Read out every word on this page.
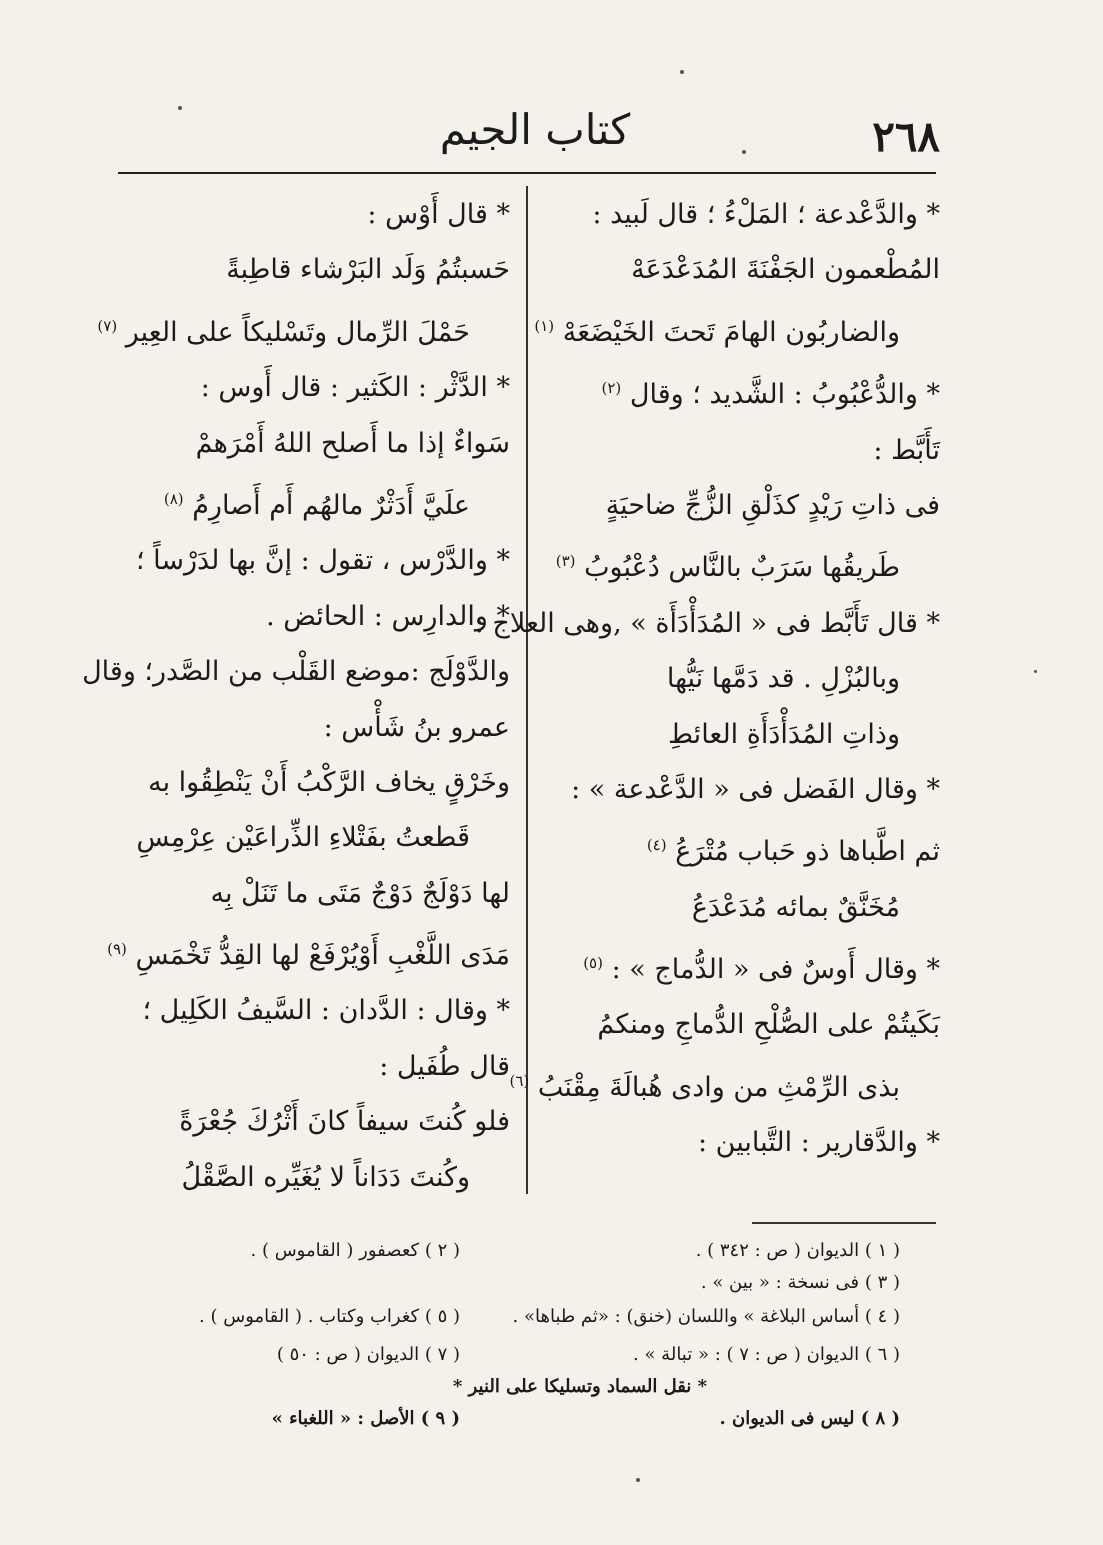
٢٦٨
كتاب الجيم
* والدَّعْدعة ؛ المَلْءُ ؛ قال لَبيد :
المُطْعمون الجَفْنَةَ المُدَعْدَعَهْ
والضاربُون الهامَ تَحتَ الخَيْضَعَهْ $^{(١)}$
* والدُّعْبُوبُ : الشَّديد ؛ وقال $^{(٢)}$
تَأَبَّط :
فى ذاتِ رَيْدٍ كذَلْقِ الزُّجِّ ضاحيَةٍ
طَريقُها سَرَبٌ بالنَّاس دُعْبُوبُ $^{(٣)}$
* قال تَأَبَّط فى « المُدَأْدَأَة » ,وهى العلاج :
وبالبُزْلِ . قد دَمَّها نَيُّها
وذاتِ المُدَأْدَأَةِ العائطِ
* وقال الفَضل فى « الدَّعْدعة » :
ثم اطَّباها ذو حَباب مُتْرَعُ $^{(٤)}$
مُخَنَّقٌ بمائه مُدَعْدَعُ
* وقال أَوسٌ فى « الدُّماج » : $^{(٥)}$
بَكَيتُمْ على الصُّلْحِ الدُّماجِ ومنكمُ
بذى الرِّمْثِ من وادى هُبالَةَ مِقْنَبُ $^{(٦)}$
* والدَّقارير : التَّبابين :
* قال أَوْس :
حَسبتُمُ وَلَد البَرْشاء قاطِبةً
حَمْلَ الرِّمال وتَسْليكاً على العِير $^{(٧)}$
* الدَّثْر : الكَثير : قال أَوس :
سَواءٌ إذا ما أَصلح اللهُ أَمْرَهمْ
علَيَّ أَدَثْرٌ مالهُم أَم أَصارِمُ $^{(٨)}$
* والدَّرْس ، تقول : إنَّ بها لدَرْساً ؛
* والدارِس : الحائض .
والدَّوْلَج :موضع القَلْب من الصَّدر؛ وقال
عمرو بنُ شَأْس :
وخَرْقٍ يخاف الرَّكْبُ أَنْ يَنْطِقُوا به
قَطعتُ بفَتْلاءِ الذِّراعَيْن عِرْمِسِ
لها دَوْلَجٌ دَوْجٌ مَتَى ما تَنَلْ بِه
مَدَى اللَّغْبِ أَوْيُرْفَعْ لها القِدُّ تَخْمَسِ $^{(٩)}$
* وقال : الدَّدان : السَّيفُ الكَلِيل ؛
قال طُفَيل :
فلو كُنتَ سيفاً كانَ أَثْرُكَ جُعْرَةً
وكُنتَ دَدَاناً لا يُغَيِّره الصَّقْلُ
( ١ ) الديوان ( ص : ٣٤٢ ) .
( ٢ ) كعصفور ( القاموس ) .
( ٣ ) فى نسخة : « بين » .
( ٤ ) أساس البلاغة » واللسان (خنق) : «ثم طباها» .
( ٥ ) كغراب وكتاب . ( القاموس ) .
( ٦ ) الديوان ( ص : ٧ ) : « تبالة » .
( ٧ ) الديوان ( ص : ٥٠ )
* نقل السماد وتسليكا على النير *
( ٨ ) ليس فى الديوان .
( ٩ ) الأصل : « اللغباء »
